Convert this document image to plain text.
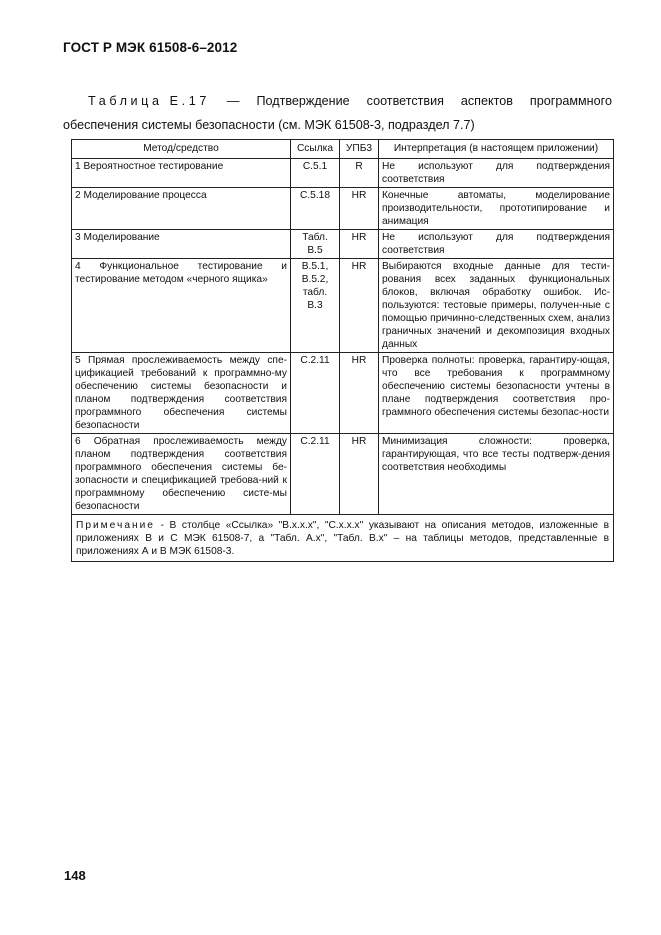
ГОСТ Р МЭК 61508-6–2012
Таблица Е.17 — Подтверждение соответствия аспектов программного
обеспечения системы безопасности (см. МЭК 61508-3, подраздел 7.7)
Метод/средство	Ссылка	УПБ3	Интерпретация (в настоящем приложении)
1 Вероятностное тестирование	С.5.1	R	Не используют для подтверждения соответствия
2 Моделирование процесса	С.5.18	HR	Конечные автоматы, моделирование производительности, прототипирование и анимация
3 Моделирование	Табл. В.5	HR	Не используют для подтверждения соответствия
4 Функциональное тестирование и тестирование методом «черного ящика»	В.5.1, В.5.2, табл. В.3	HR	Выбираются входные данные для тести-рования всех заданных функциональных блоков, включая обработку ошибок. Ис-пользуются: тестовые примеры, получен-ные с помощью причинно-следственных схем, анализ граничных значений и декомпозиция входных данных
5 Прямая прослеживаемость между спе-цификацией требований к программно-му обеспечению системы безопасности и планом подтверждения соответствия программного обеспечения системы безопасности	С.2.11	HR	Проверка полноты: проверка, гарантиру-ющая, что все требования к программному обеспечению системы безопасности учтены в плане подтверждения соответствия про-граммного обеспечения системы безопас-ности
6 Обратная прослеживаемость между планом подтверждения соответствия программного обеспечения системы бе-зопасности и спецификацией требова-ний к программному обеспечению систе-мы безопасности	С.2.11	HR	Минимизация сложности: проверка, гарантирующая, что все тесты подтверж-дения соответствия необходимы
Примечание - В столбце «Ссылка» "В.х.х.х", "С.х.х.х" указывают на описания методов, изложенные в приложениях В и С МЭК 61508-7, а "Табл. А.х", "Табл. В.х" – на таблицы методов, представленные в приложениях А и В МЭК 61508-3.			
148
